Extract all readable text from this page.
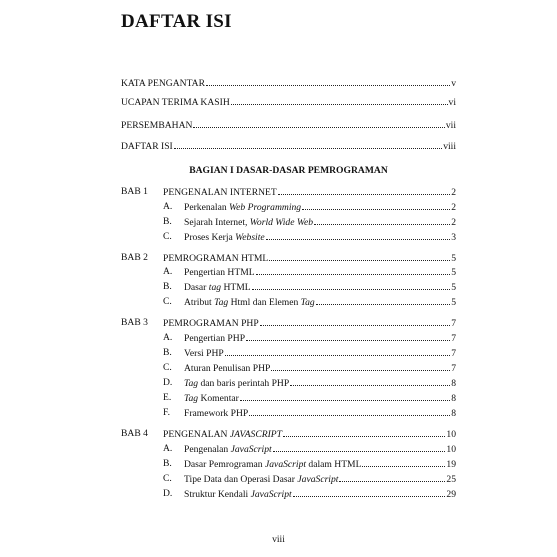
DAFTAR ISI
KATA PENGANTAR	v
UCAPAN TERIMA KASIH	vi
PERSEMBAHAN	vii
DAFTAR ISI	viii
BAGIAN I DASAR-DASAR PEMROGRAMAN
BAB 1 PENGENALAN INTERNET	2
A. Perkenalan Web Programming	2
B. Sejarah Internet, World Wide Web	2
C. Proses Kerja Website	3
BAB 2 PEMROGRAMAN HTML	5
A. Pengertian HTML	5
B. Dasar tag HTML	5
C. Atribut Tag Html dan Elemen Tag	5
BAB 3 PEMROGRAMAN PHP	7
A. Pengertian PHP	7
B. Versi PHP	7
C. Aturan Penulisan PHP	7
D. Tag dan baris perintah PHP	8
E. Tag Komentar	8
F. Framework PHP	8
BAB 4 PENGENALAN JAVASCRIPT	10
A. Pengenalan JavaScript	10
B. Dasar Pemrograman JavaScript dalam HTML	19
C. Tipe Data dan Operasi Dasar JavaScript	25
D. Struktur Kendali JavaScript	29
viii
